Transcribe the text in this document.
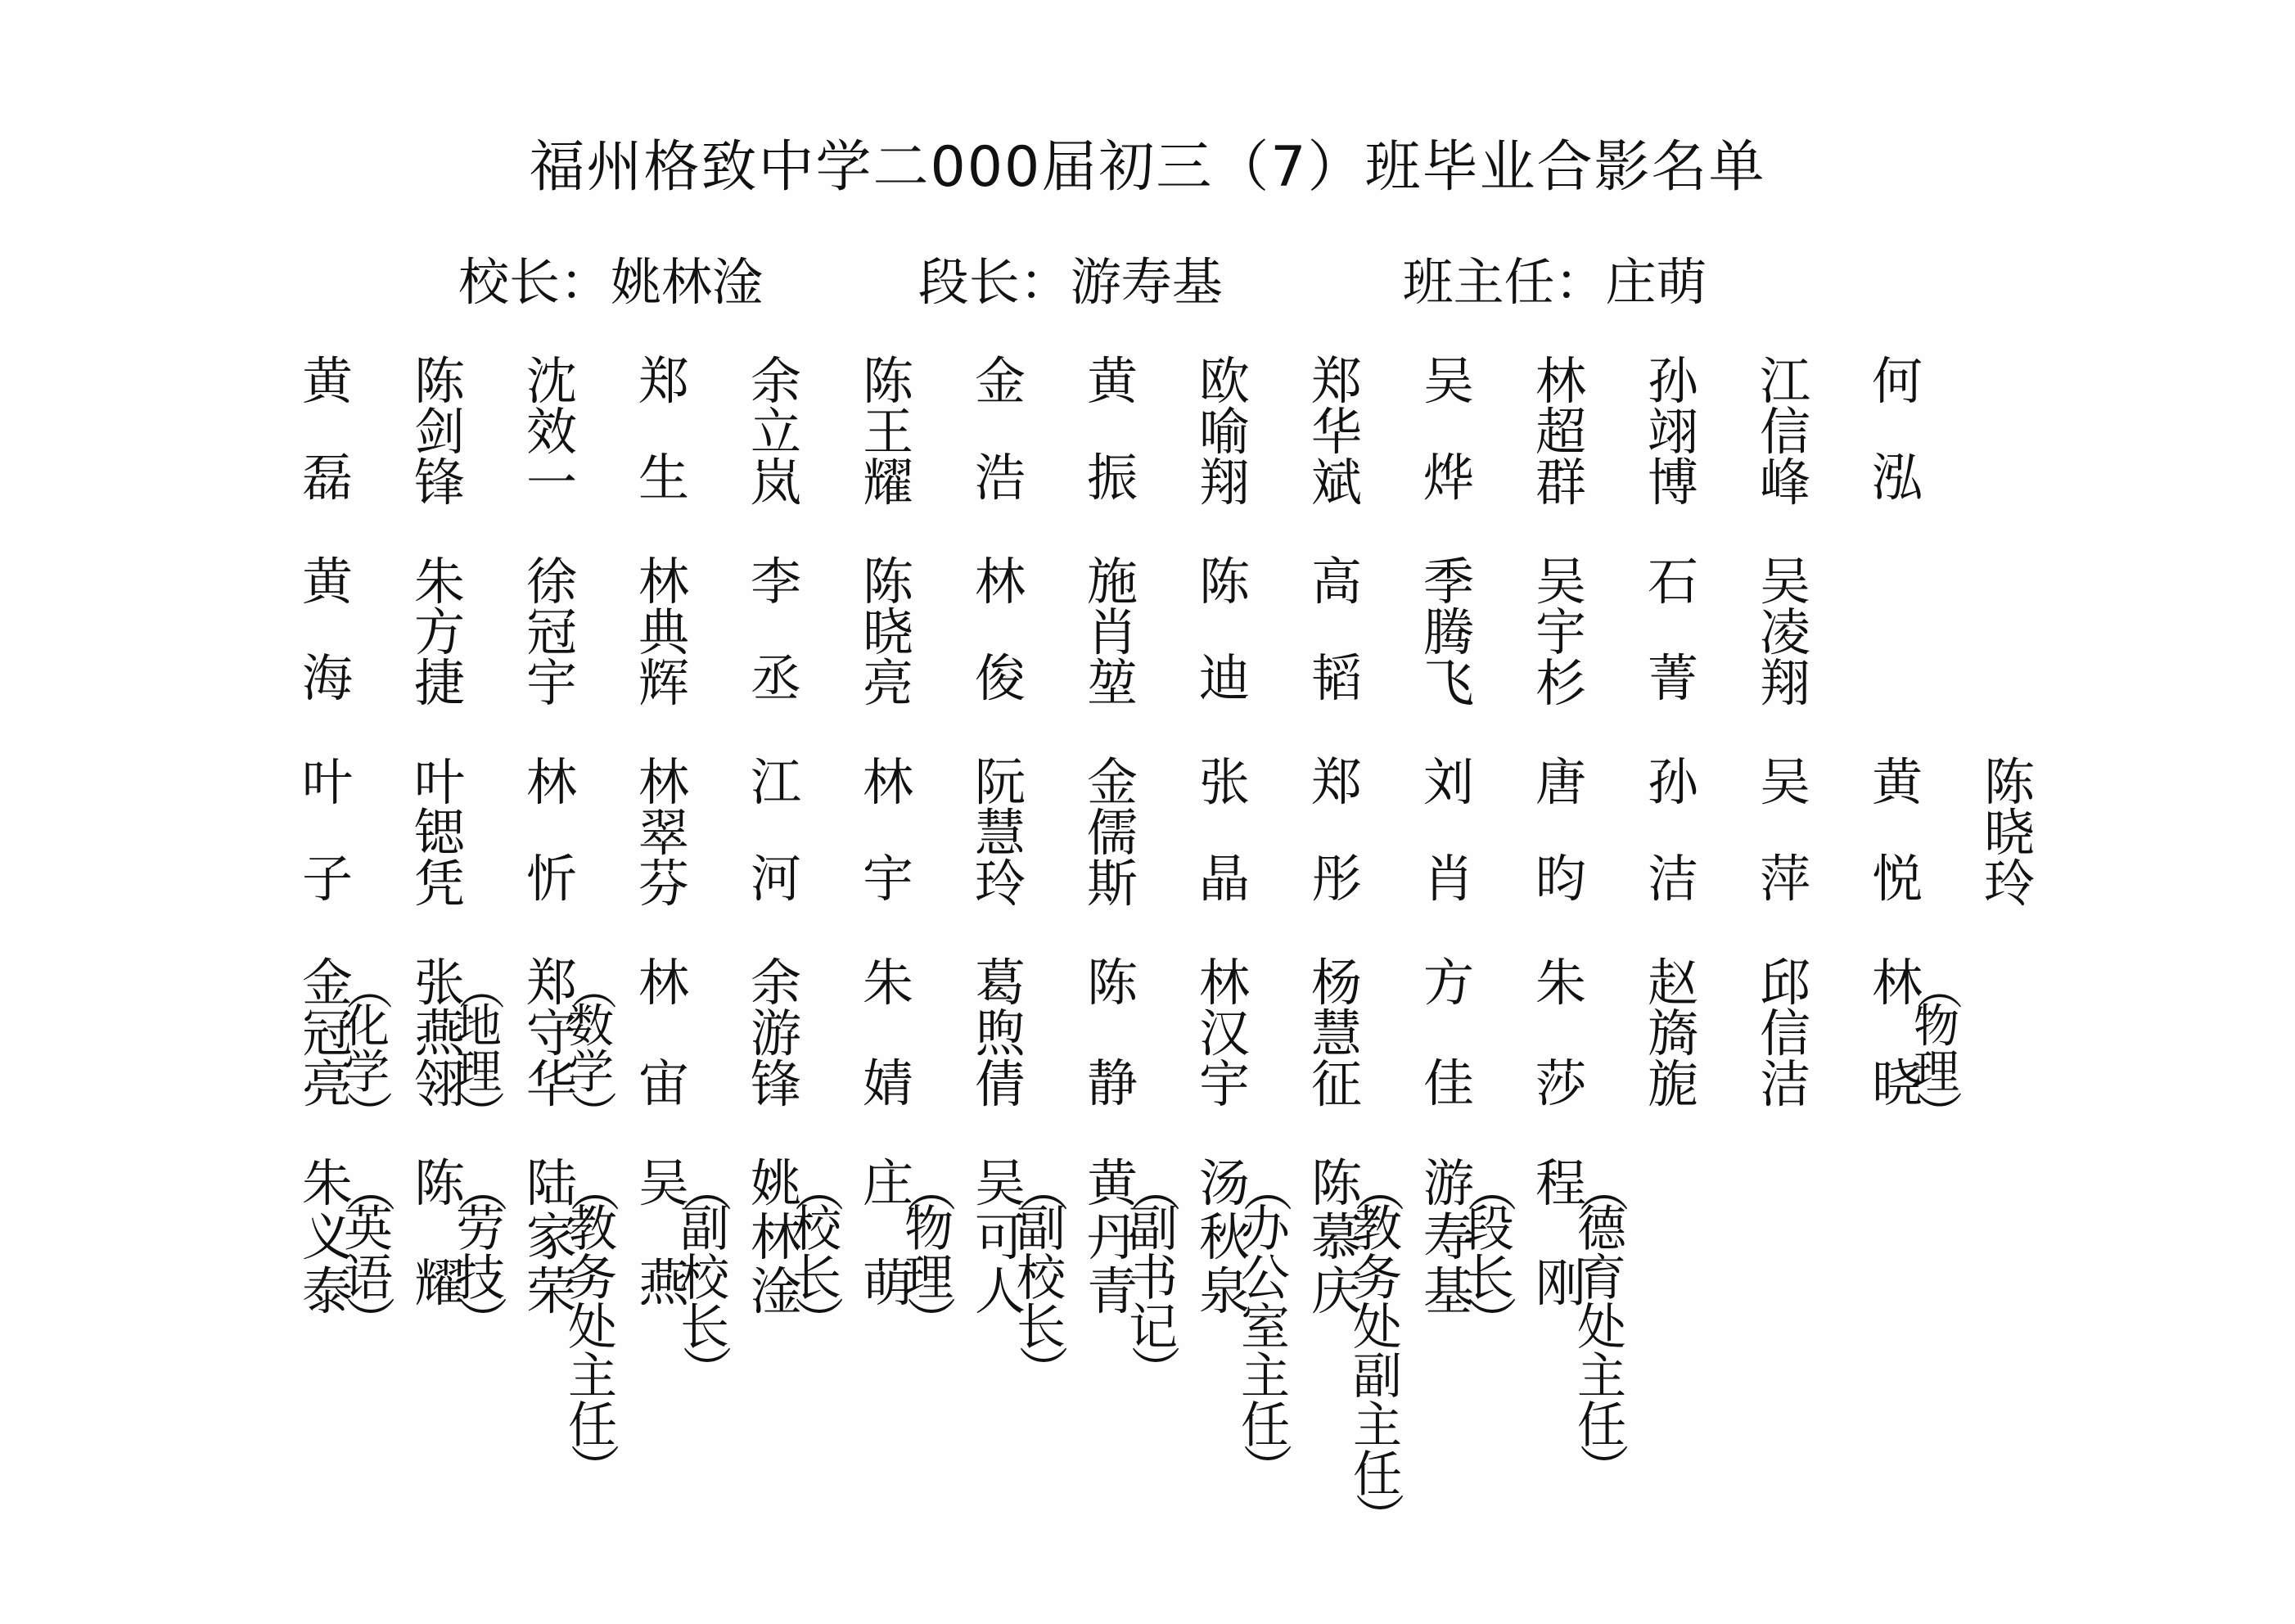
福州格致中学二000届初三（7）班毕业合影名单
校长：姚林淦	段长：游寿基	班主任：庄萌
黄
磊
陈
剑
锋
沈
效
一
郑
生
余
立
岚
陈
王
耀
金
浩
黄
振
欧
喻
翔
郑
华
斌
吴
烨
林
超
群
孙
翊
博
江
信
峰
何
泓
黄
海
朱
方
捷
徐
冠
宇
林
典
辉
李
丞
陈
晓
亮
林
俊
施
肖
堃
陈
迪
高
韬
季
腾
飞
吴
宇
杉
石
菁
吴
凌
翔
叶
子
叶
锶
凭
林
忻
林
翠
芬
江
河
林
宇
阮
慧
玲
金
儒
斯
张
晶
郑
彤
刘
肖
唐
昀
孙
洁
吴
萍
黄
悦
陈
晓
玲
金
冠
亮
（
化
学
）
张
燕
翎
（
地
理
）
郑
守
华
（
数
学
）
林
宙
余
游
锋
朱
婧
葛
煦
倩
陈
静
林
汉
宇
杨
慧
征
方
佳
朱
莎
赵
旖
旎
邱
信
洁
林
晓
（
物
理
）
朱
义
泰
（
英
语
）
陈
耀
（
劳
技
）
陆
家
荣
（
教
务
处
主
任
）
吴
燕
（
副
校
长
）
姚
林
淦
（
校
长
）
庄
萌
（
物
理
）
吴
可
人
（
副
校
长
）
黄
丹
青
（
副
书
记
）
汤
秋
泉
（
办
公
室
主
任
）
陈
慕
庆
（
教
务
处
副
主
任
）
游
寿
基
（
段
长
）
程
刚
（
德
育
处
主
任
）
